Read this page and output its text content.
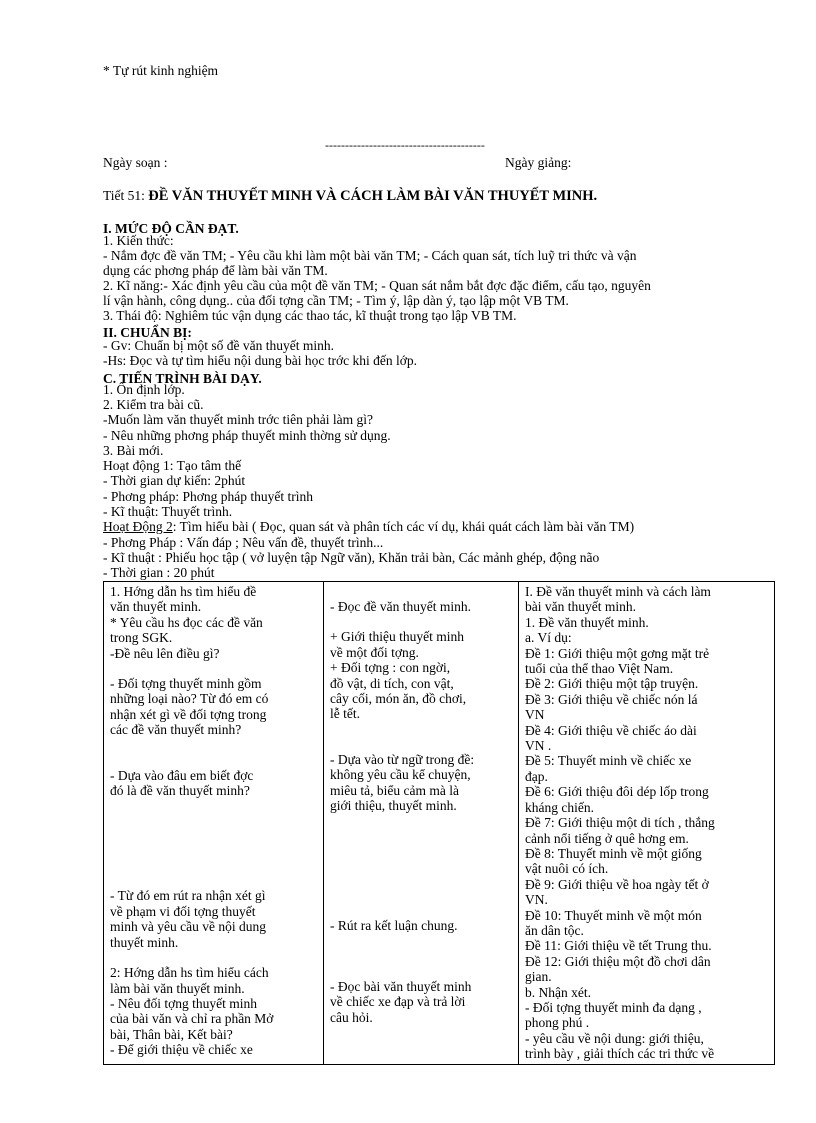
* Tự rút kinh nghiệm
----------------------------------------
Ngày soạn :	Ngày giảng:
Tiết 51: ĐỀ VĂN THUYẾT MINH VÀ CÁCH LÀM BÀI VĂN THUYẾT MINH.
I. MỨC ĐỘ CẦN ĐẠT.
1. Kiến thức:
- Nắm đợc đề văn TM; - Yêu cầu khi làm một bài văn TM; - Cách quan sát, tích luỹ tri thức và vận
dụng các phơng pháp để làm bài văn TM.
2. Kĩ năng:- Xác định yêu cầu của một đề văn TM; - Quan sát nắm bắt đợc đặc điểm, cấu tạo, nguyên
lí vận hành, công dụng.. của đối tợng cần TM; - Tìm ý, lập dàn ý, tạo lập một VB TM.
3. Thái độ: Nghiêm túc vận dụng các thao tác, kĩ thuật trong tạo lập VB TM.
II. CHUẨN BỊ:
- Gv: Chuẩn bị một số đề văn thuyết minh.
-Hs: Đọc và tự tìm hiểu nội dung bài học trớc khi đến lớp.
C. TIẾN TRÌNH BÀI DẠY.
1. Ổn định lớp.
2. Kiểm tra bài cũ.
-Muốn làm văn thuyết minh trớc tiên phải làm gì?
- Nêu những phơng pháp thuyết minh thờng sử dụng.
3. Bài mới.
Hoạt động 1: Tạo tâm thế
- Thời gian dự kiến: 2phút
- Phơng pháp: Phơng pháp thuyết trình
- Kĩ thuật: Thuyết trình.
Hoạt Động 2: Tìm hiểu bài ( Đọc, quan sát và phân tích các ví dụ, khái quát cách làm bài văn TM)
- Phơng Pháp : Vấn đáp ; Nêu vấn đề, thuyết trình...
- Kĩ thuật : Phiếu học tập ( vở luyện tập Ngữ văn), Khăn trải bàn, Các mảnh ghép, động não
- Thời gian : 20 phút
1. Hớng dẫn hs tìm hiểu đề
văn thuyết minh.
* Yêu cầu hs đọc các đề văn
trong SGK.
-Đề nêu lên điều gì?
- Đối tợng thuyết minh gồm
những loại nào? Từ đó em có
nhận xét gì về đối tợng trong
các đề văn thuyết minh?
- Dựa vào đâu em biết đợc
đó là đề văn thuyết minh?
- Từ đó em rút ra nhận xét gì
về phạm vi đối tợng thuyết
minh và yêu cầu về nội dung
thuyết minh.
2: Hớng dẫn hs tìm hiểu cách
làm bài văn thuyết minh.
- Nêu đối tợng thuyết minh
của bài văn và chỉ ra phần Mở
bài, Thân bài, Kết bài?
- Để giới thiệu về chiếc xe

- Đọc đề văn thuyết minh.
+ Giới thiệu thuyết minh
về một đối tợng.
+ Đối tợng : con ngời,
đồ vật, di tích, con vật,
cây cối, món ăn, đồ chơi,
lễ tết.
- Dựa vào từ ngữ trong đề:
không yêu cầu kể chuyện,
miêu tả, biểu cảm mà là
giới thiệu, thuyết minh.
- Rút ra kết luận chung.
- Đọc bài văn thuyết minh
về chiếc xe đạp và trả lời
câu hỏi.

I. Đề văn thuyết minh và cách làm
bài văn thuyết minh.
1. Đề văn thuyết minh.
a. Ví dụ:
Đề 1: Giới thiệu một gơng mặt trẻ
tuổi của thể thao Việt Nam.
Đề 2: Giới thiệu một tập truyện.
Đề 3: Giới thiệu về chiếc nón lá
VN
Đề 4: Giới thiệu về chiếc áo dài
VN .
Đề 5: Thuyết minh về chiếc xe
đạp.
Đề 6: Giới thiệu đôi dép lốp trong
kháng chiến.
Đề 7: Giới thiệu một di tích , thắng
cảnh nổi tiếng ở quê hơng em.
Đề 8: Thuyết minh về một giống
vật nuôi có ích.
Đề 9: Giới thiệu về hoa ngày tết ở
VN.
Đề 10: Thuyết minh về một món
ăn dân tộc.
Đề 11: Giới thiệu về tết Trung thu.
Đề 12: Giới thiệu một đồ chơi dân
gian.
b. Nhận xét.
- Đối tợng thuyết minh đa dạng ,
phong phú .
- yêu cầu về nội dung: giới thiệu,
trình bày , giải thích các tri thức về
